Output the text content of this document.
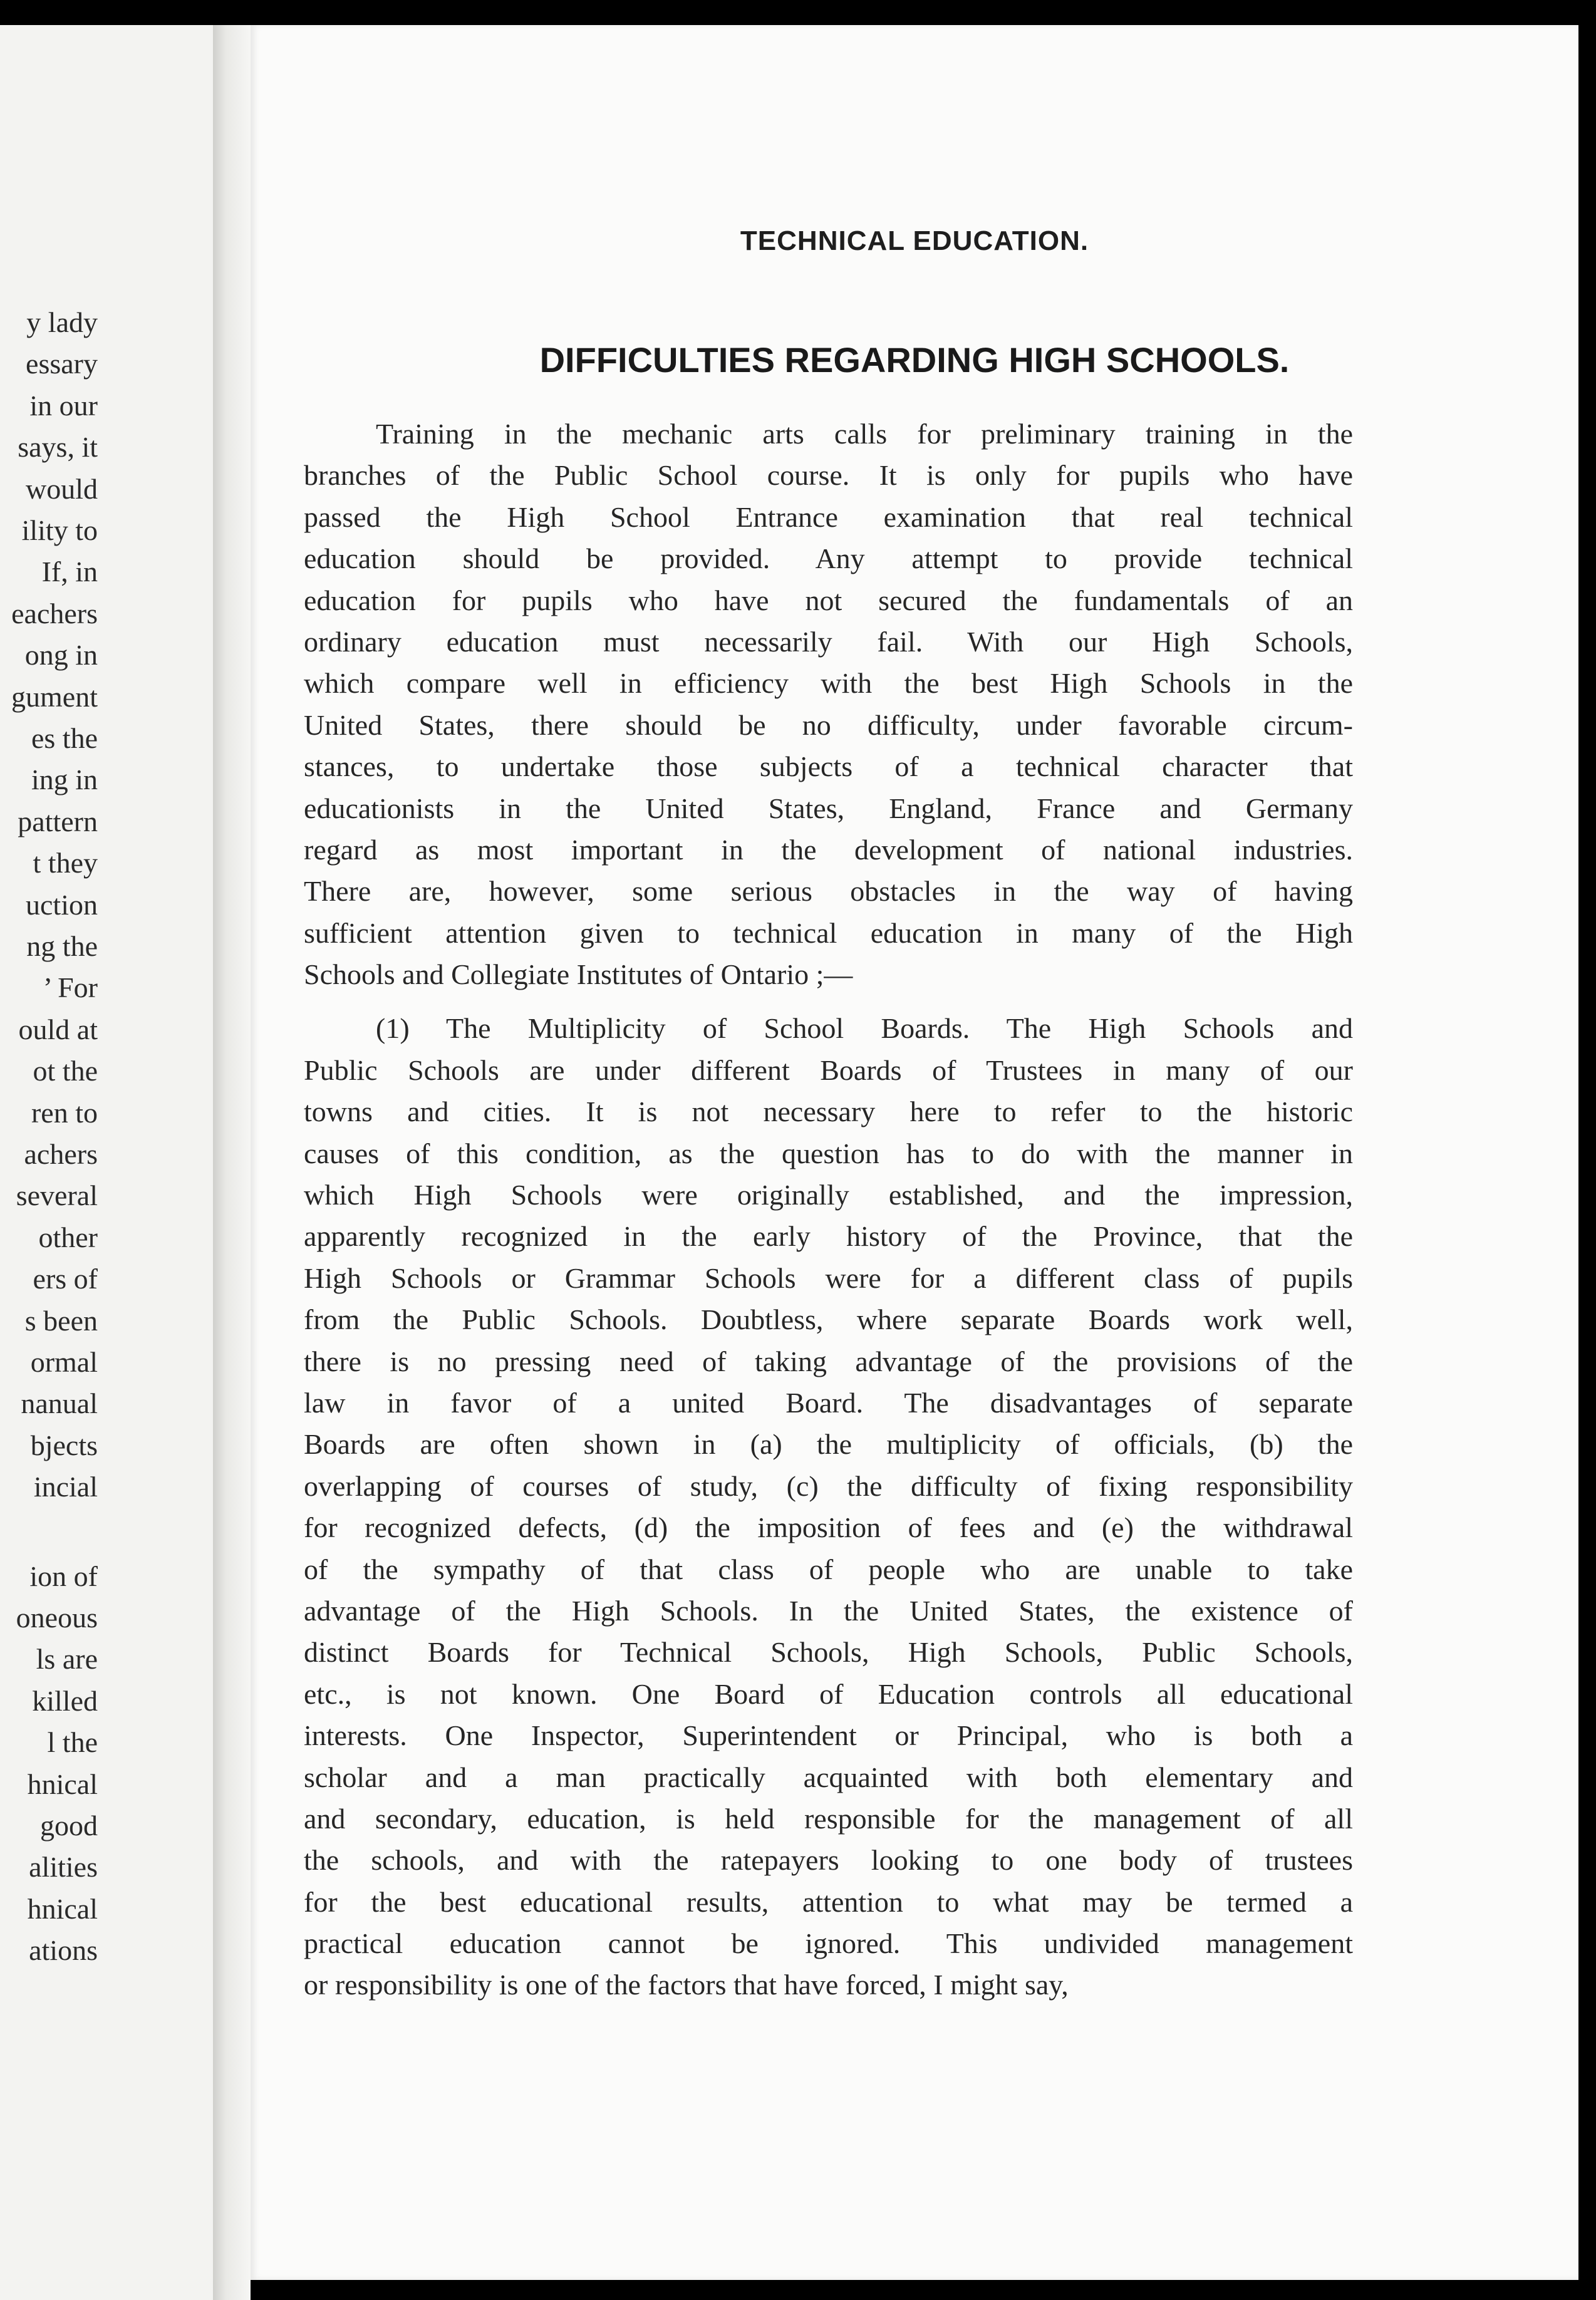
y lady
essary
in our
says, it
would
ility to
If, in
eachers
ong in
gument
es the
ing in
pattern
t they
uction
ng the
’ For
ould at
ot the
ren to
achers
several
other
ers of
s been
ormal
nanual
bjects
incial
ion of
oneous
ls are
killed
l the
hnical
good
alities
hnical
ations
TECHNICAL EDUCATION.
DIFFICULTIES REGARDING HIGH SCHOOLS.
Training in the mechanic arts calls for preliminary training in the
branches of the Public School course. It is only for pupils who have
passed the High School Entrance examination that real technical
education should be provided. Any attempt to provide technical
education for pupils who have not secured the fundamentals of an
ordinary education must necessarily fail. With our High Schools,
which compare well in efficiency with the best High Schools in the
United States, there should be no difficulty, under favorable circum-
stances, to undertake those subjects of a technical character that
educationists in the United States, England, France and Germany
regard as most important in the development of national industries.
There are, however, some serious obstacles in the way of having
sufficient attention given to technical education in many of the High
Schools and Collegiate Institutes of Ontario ;—
(1) The Multiplicity of School Boards. The High Schools and
Public Schools are under different Boards of Trustees in many of our
towns and cities. It is not necessary here to refer to the historic
causes of this condition, as the question has to do with the manner in
which High Schools were originally established, and the impression,
apparently recognized in the early history of the Province, that the
High Schools or Grammar Schools were for a different class of pupils
from the Public Schools. Doubtless, where separate Boards work well,
there is no pressing need of taking advantage of the provisions of the
law in favor of a united Board. The disadvantages of separate
Boards are often shown in (a) the multiplicity of officials, (b) the
overlapping of courses of study, (c) the difficulty of fixing responsibility
for recognized defects, (d) the imposition of fees and (e) the withdrawal
of the sympathy of that class of people who are unable to take
advantage of the High Schools. In the United States, the existence of
distinct Boards for Technical Schools, High Schools, Public Schools,
etc., is not known. One Board of Education controls all educational
interests. One Inspector, Superintendent or Principal, who is both a
scholar and a man practically acquainted with both elementary and
and secondary, education, is held responsible for the management of all
the schools, and with the ratepayers looking to one body of trustees
for the best educational results, attention to what may be termed a
practical education cannot be ignored. This undivided management
or responsibility is one of the factors that have forced, I might say,
